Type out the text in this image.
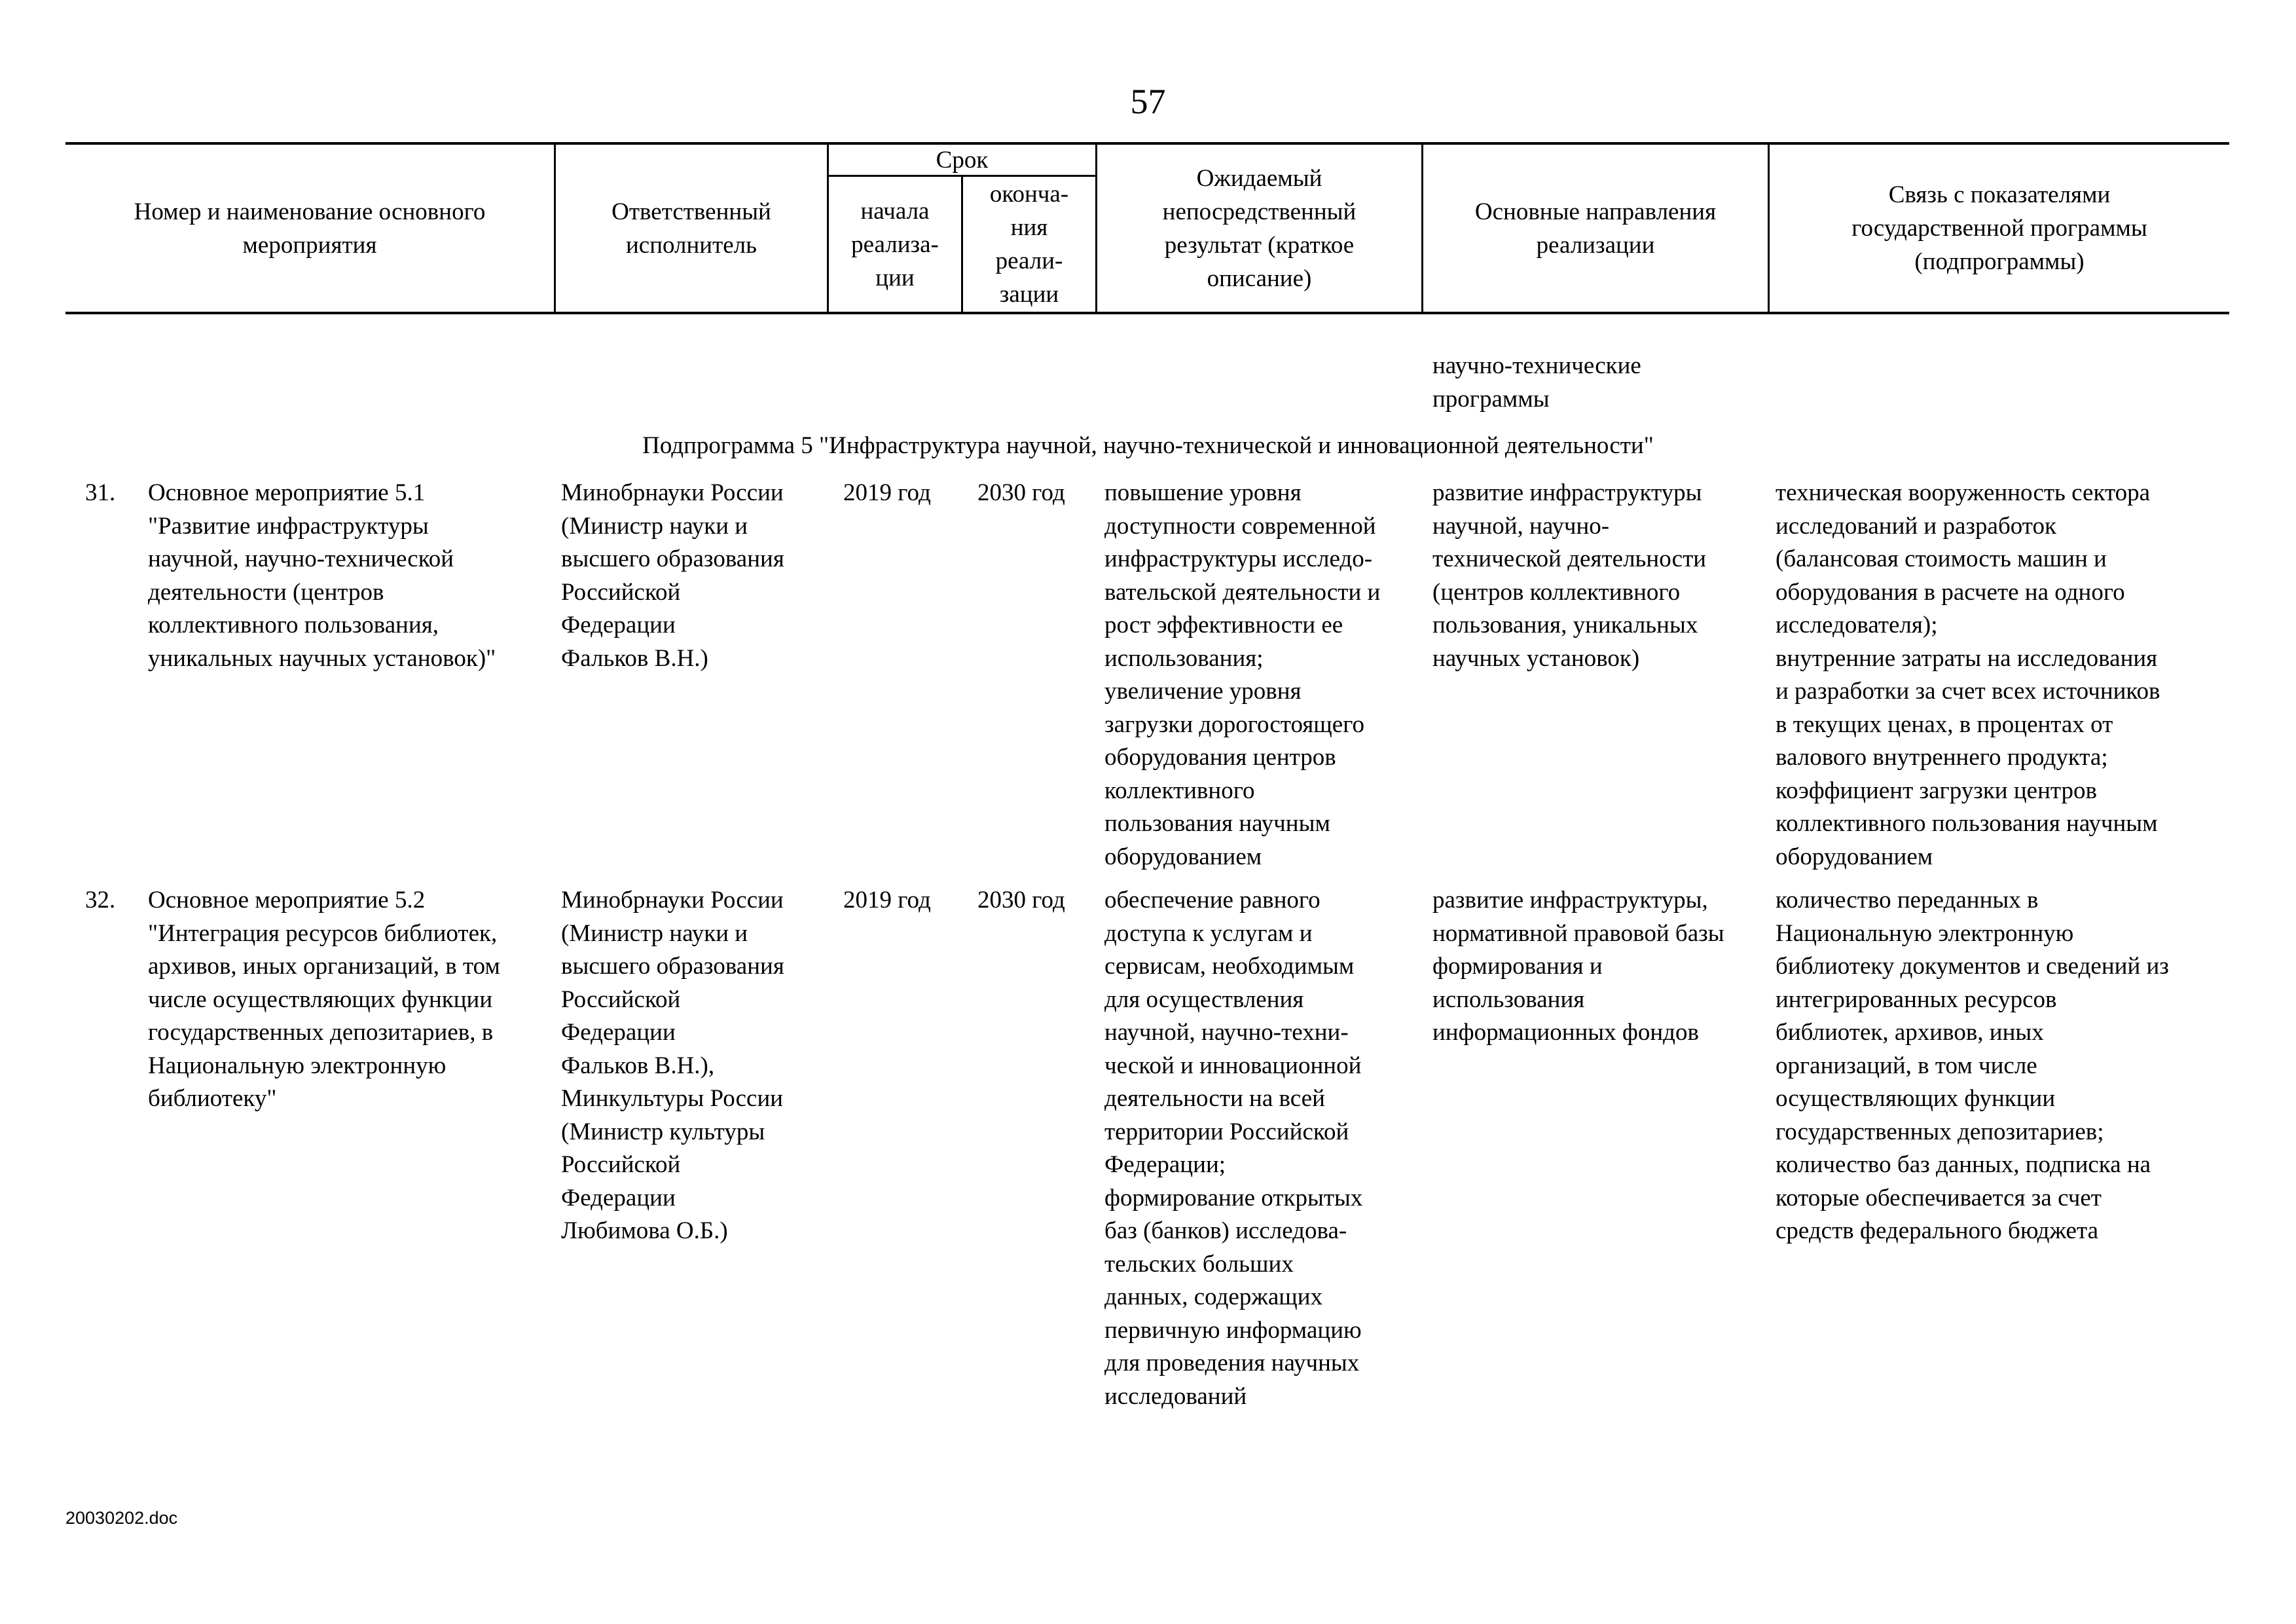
57
Номер и наименование основного
мероприятия
Ответственный
исполнитель
Срок
начала
реализа-
ции
оконча-
ния
реали-
зации
Ожидаемый
непосредственный
результат (краткое
описание)
Основные направления
реализации
Связь с показателями
государственной программы
(подпрограммы)
научно-технические
программы
Подпрограмма 5 "Инфраструктура научной, научно-технической и инновационной деятельности"
31. Основное мероприятие 5.1
"Развитие инфраструктуры
научной, научно-технической
деятельности (центров
коллективного пользования,
уникальных научных установок)"
Минобрнауки России
(Министр науки и
высшего образования
Российской
Федерации
Фальков В.Н.)
2019 год 2030 год повышение уровня
доступности современной
инфраструктуры исследо-
вательской деятельности и
рост эффективности ее
использования;
увеличение уровня
загрузки дорогостоящего
оборудования центров
коллективного
пользования научным
оборудованием
развитие инфраструктуры
научной, научно-
технической деятельности
(центров коллективного
пользования, уникальных
научных установок)
техническая вооруженность сектора
исследований и разработок
(балансовая стоимость машин и
оборудования в расчете на одного
исследователя);
внутренние затраты на исследования
и разработки за счет всех источников
в текущих ценах, в процентах от
валового внутреннего продукта;
коэффициент загрузки центров
коллективного пользования научным
оборудованием
32. Основное мероприятие 5.2
"Интеграция ресурсов библиотек,
архивов, иных организаций, в том
числе осуществляющих функции
государственных депозитариев, в
Национальную электронную
библиотеку"
Минобрнауки России
(Министр науки и
высшего образования
Российской
Федерации
Фальков В.Н.),
Минкультуры России
(Министр культуры
Российской
Федерации
Любимова О.Б.)
2019 год 2030 год обеспечение равного
доступа к услугам и
сервисам, необходимым
для осуществления
научной, научно-техни-
ческой и инновационной
деятельности на всей
территории Российской
Федерации;
формирование открытых
баз (банков) исследова-
тельских больших
данных, содержащих
первичную информацию
для проведения научных
исследований
развитие инфраструктуры,
нормативной правовой базы
формирования и
использования
информационных фондов
количество переданных в
Национальную электронную
библиотеку документов и сведений из
интегрированных ресурсов
библиотек, архивов, иных
организаций, в том числе
осуществляющих функции
государственных депозитариев;
количество баз данных, подписка на
которые обеспечивается за счет
средств федерального бюджета
20030202.doc
